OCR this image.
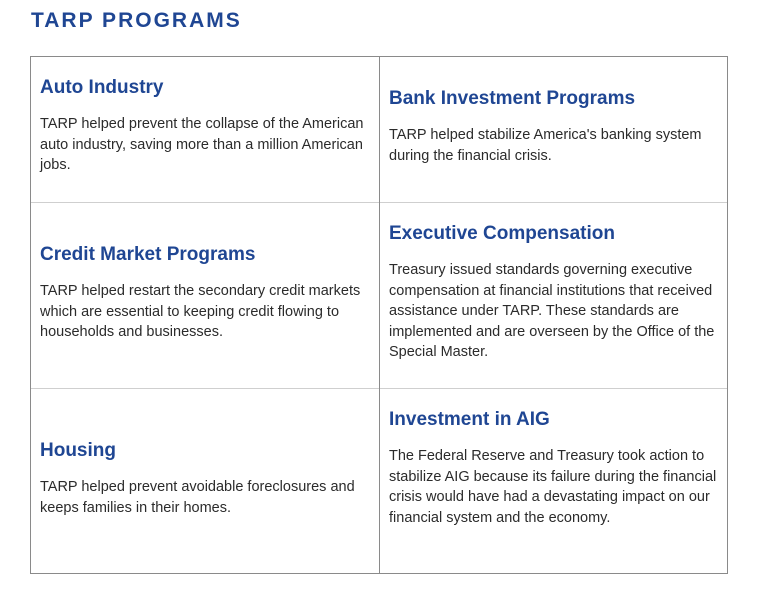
TARP PROGRAMS
Auto Industry

TARP helped prevent the collapse of the American auto industry, saving more than a million American jobs.

Bank Investment Programs

TARP helped stabilize America's banking system during the financial crisis.

Credit Market Programs

TARP helped restart the secondary credit markets which are essential to keeping credit flowing to households and businesses.

Executive Compensation

Treasury issued standards governing executive compensation at financial institutions that received assistance under TARP. These standards are implemented and are overseen by the Office of the Special Master.

Housing

TARP helped prevent avoidable foreclosures and keeps families in their homes.

Investment in AIG

The Federal Reserve and Treasury took action to stabilize AIG because its failure during the financial crisis would have had a devastating impact on our financial system and the economy.
